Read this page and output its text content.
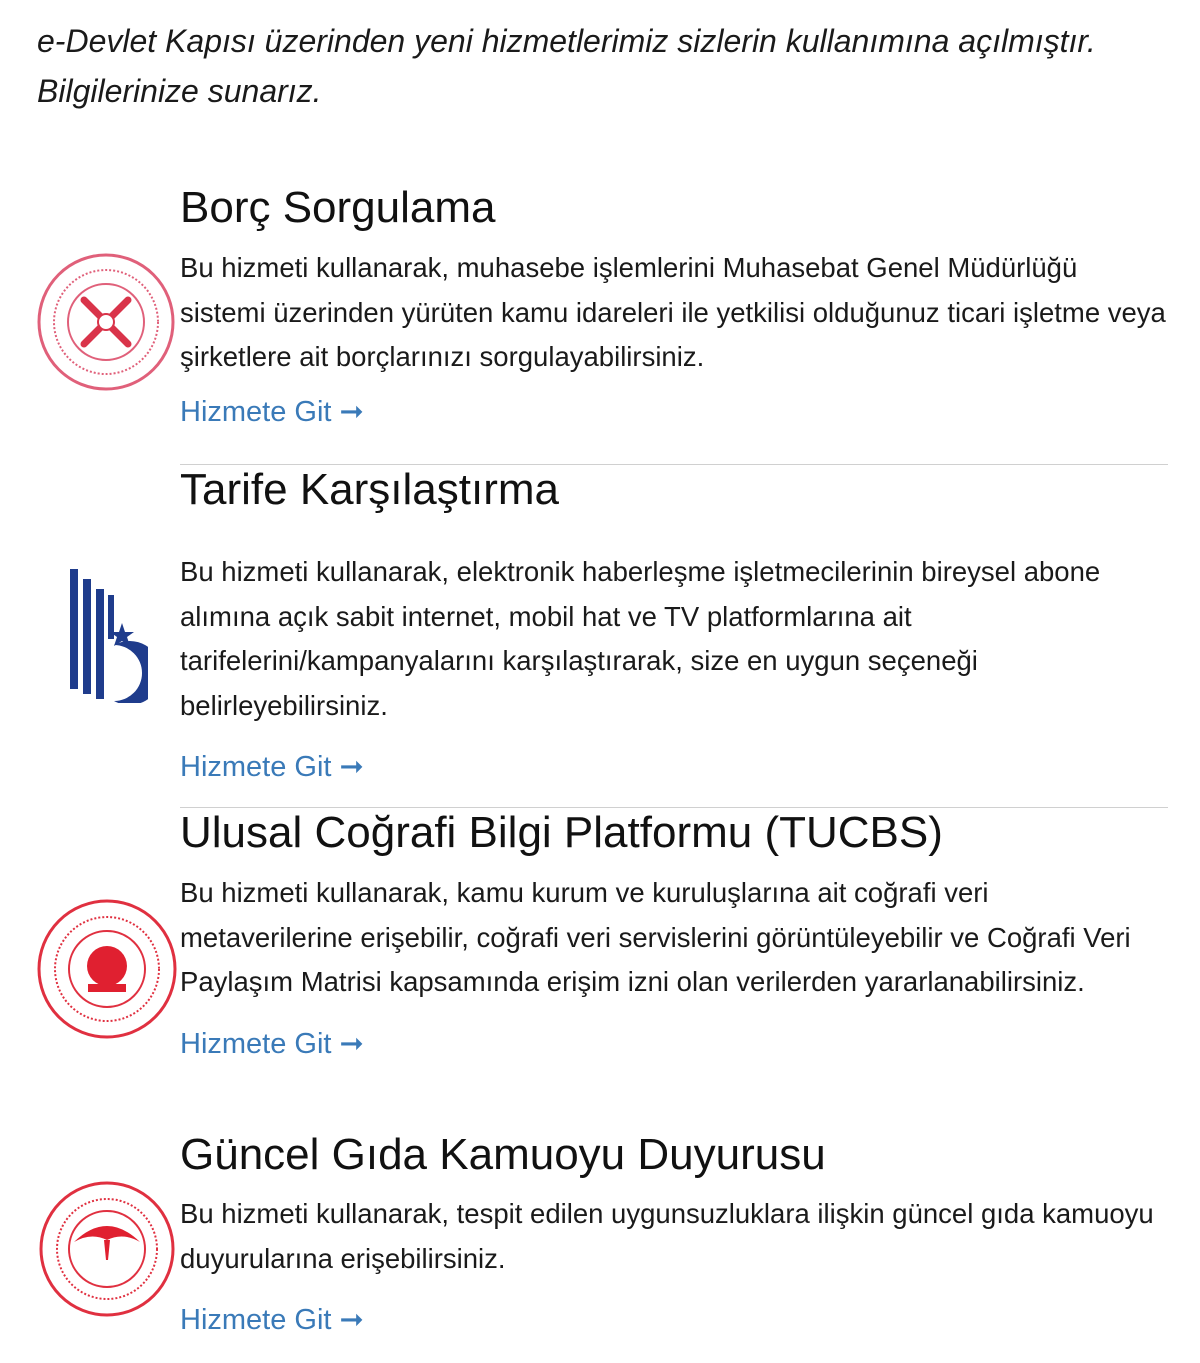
e-Devlet Kapısı üzerinden yeni hizmetlerimiz sizlerin kullanımına açılmıştır.

Bilgilerinize sunarız.

Borç Sorgulama

Bu hizmeti kullanarak, muhasebe işlemlerini Muhasebat Genel Müdürlüğü sistemi üzerinden yürüten kamu idareleri ile yetkilisi olduğunuz ticari işletme veya şirketlere ait borçlarınızı sorgulayabilirsiniz.

Hizmete Git ➞
Tarife Karşılaştırma

Bu hizmeti kullanarak, elektronik haberleşme işletmecilerinin bireysel abone alımına açık sabit internet, mobil hat ve TV platformlarına ait tarifelerini/kampanyalarını karşılaştırarak, size en uygun seçeneği belirleyebilirsiniz.

Hizmete Git ➞
Ulusal Coğrafi Bilgi Platformu (TUCBS)

Bu hizmeti kullanarak, kamu kurum ve kuruluşlarına ait coğrafi veri metaverilerine erişebilir, coğrafi veri servislerini görüntüleyebilir ve Coğrafi Veri Paylaşım Matrisi kapsamında erişim izni olan verilerden yararlanabilirsiniz.

Hizmete Git ➞
Güncel Gıda Kamuoyu Duyurusu

Bu hizmeti kullanarak, tespit edilen uygunsuzluklara ilişkin güncel gıda kamuoyu duyurularına erişebilirsiniz.

Hizmete Git ➞
